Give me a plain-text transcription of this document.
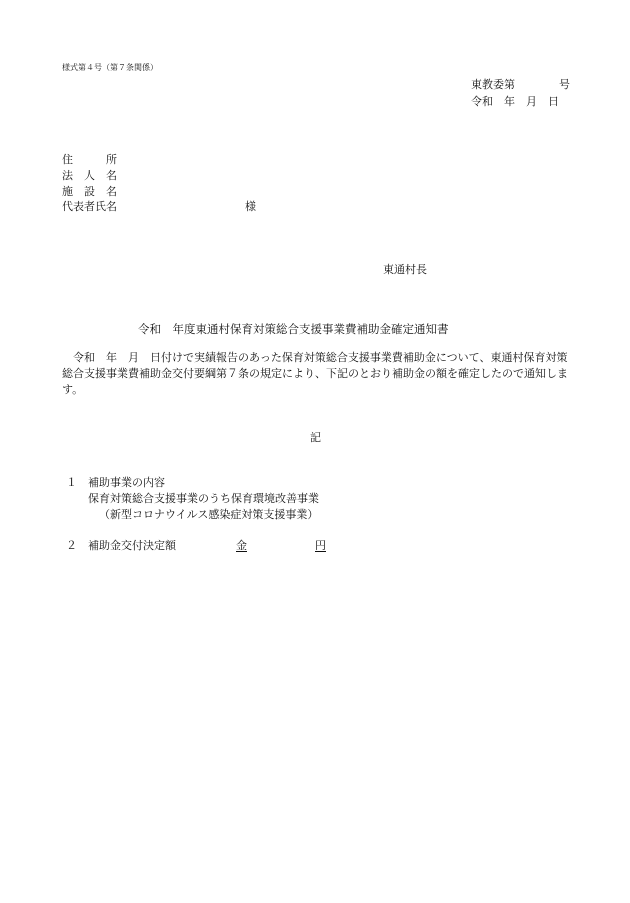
様式第４号（第７条関係）
東教委第　　　　号
令和　年　月　日
住　　　所
法　人　名
施　設　名
代表者氏名	様
東通村長
令和　年度東通村保育対策総合支援事業費補助金確定通知書
令和　年　月　日付けで実績報告のあった保育対策総合支援事業費補助金について、東通村保育対策総合支援事業費補助金交付要綱第７条の規定により、下記のとおり補助金の額を確定したので通知します。
記
１ 補助事業の内容
保育対策総合支援事業のうち保育環境改善事業
（新型コロナウイルス感染症対策支援事業）
２ 補助金交付決定額	金	円
